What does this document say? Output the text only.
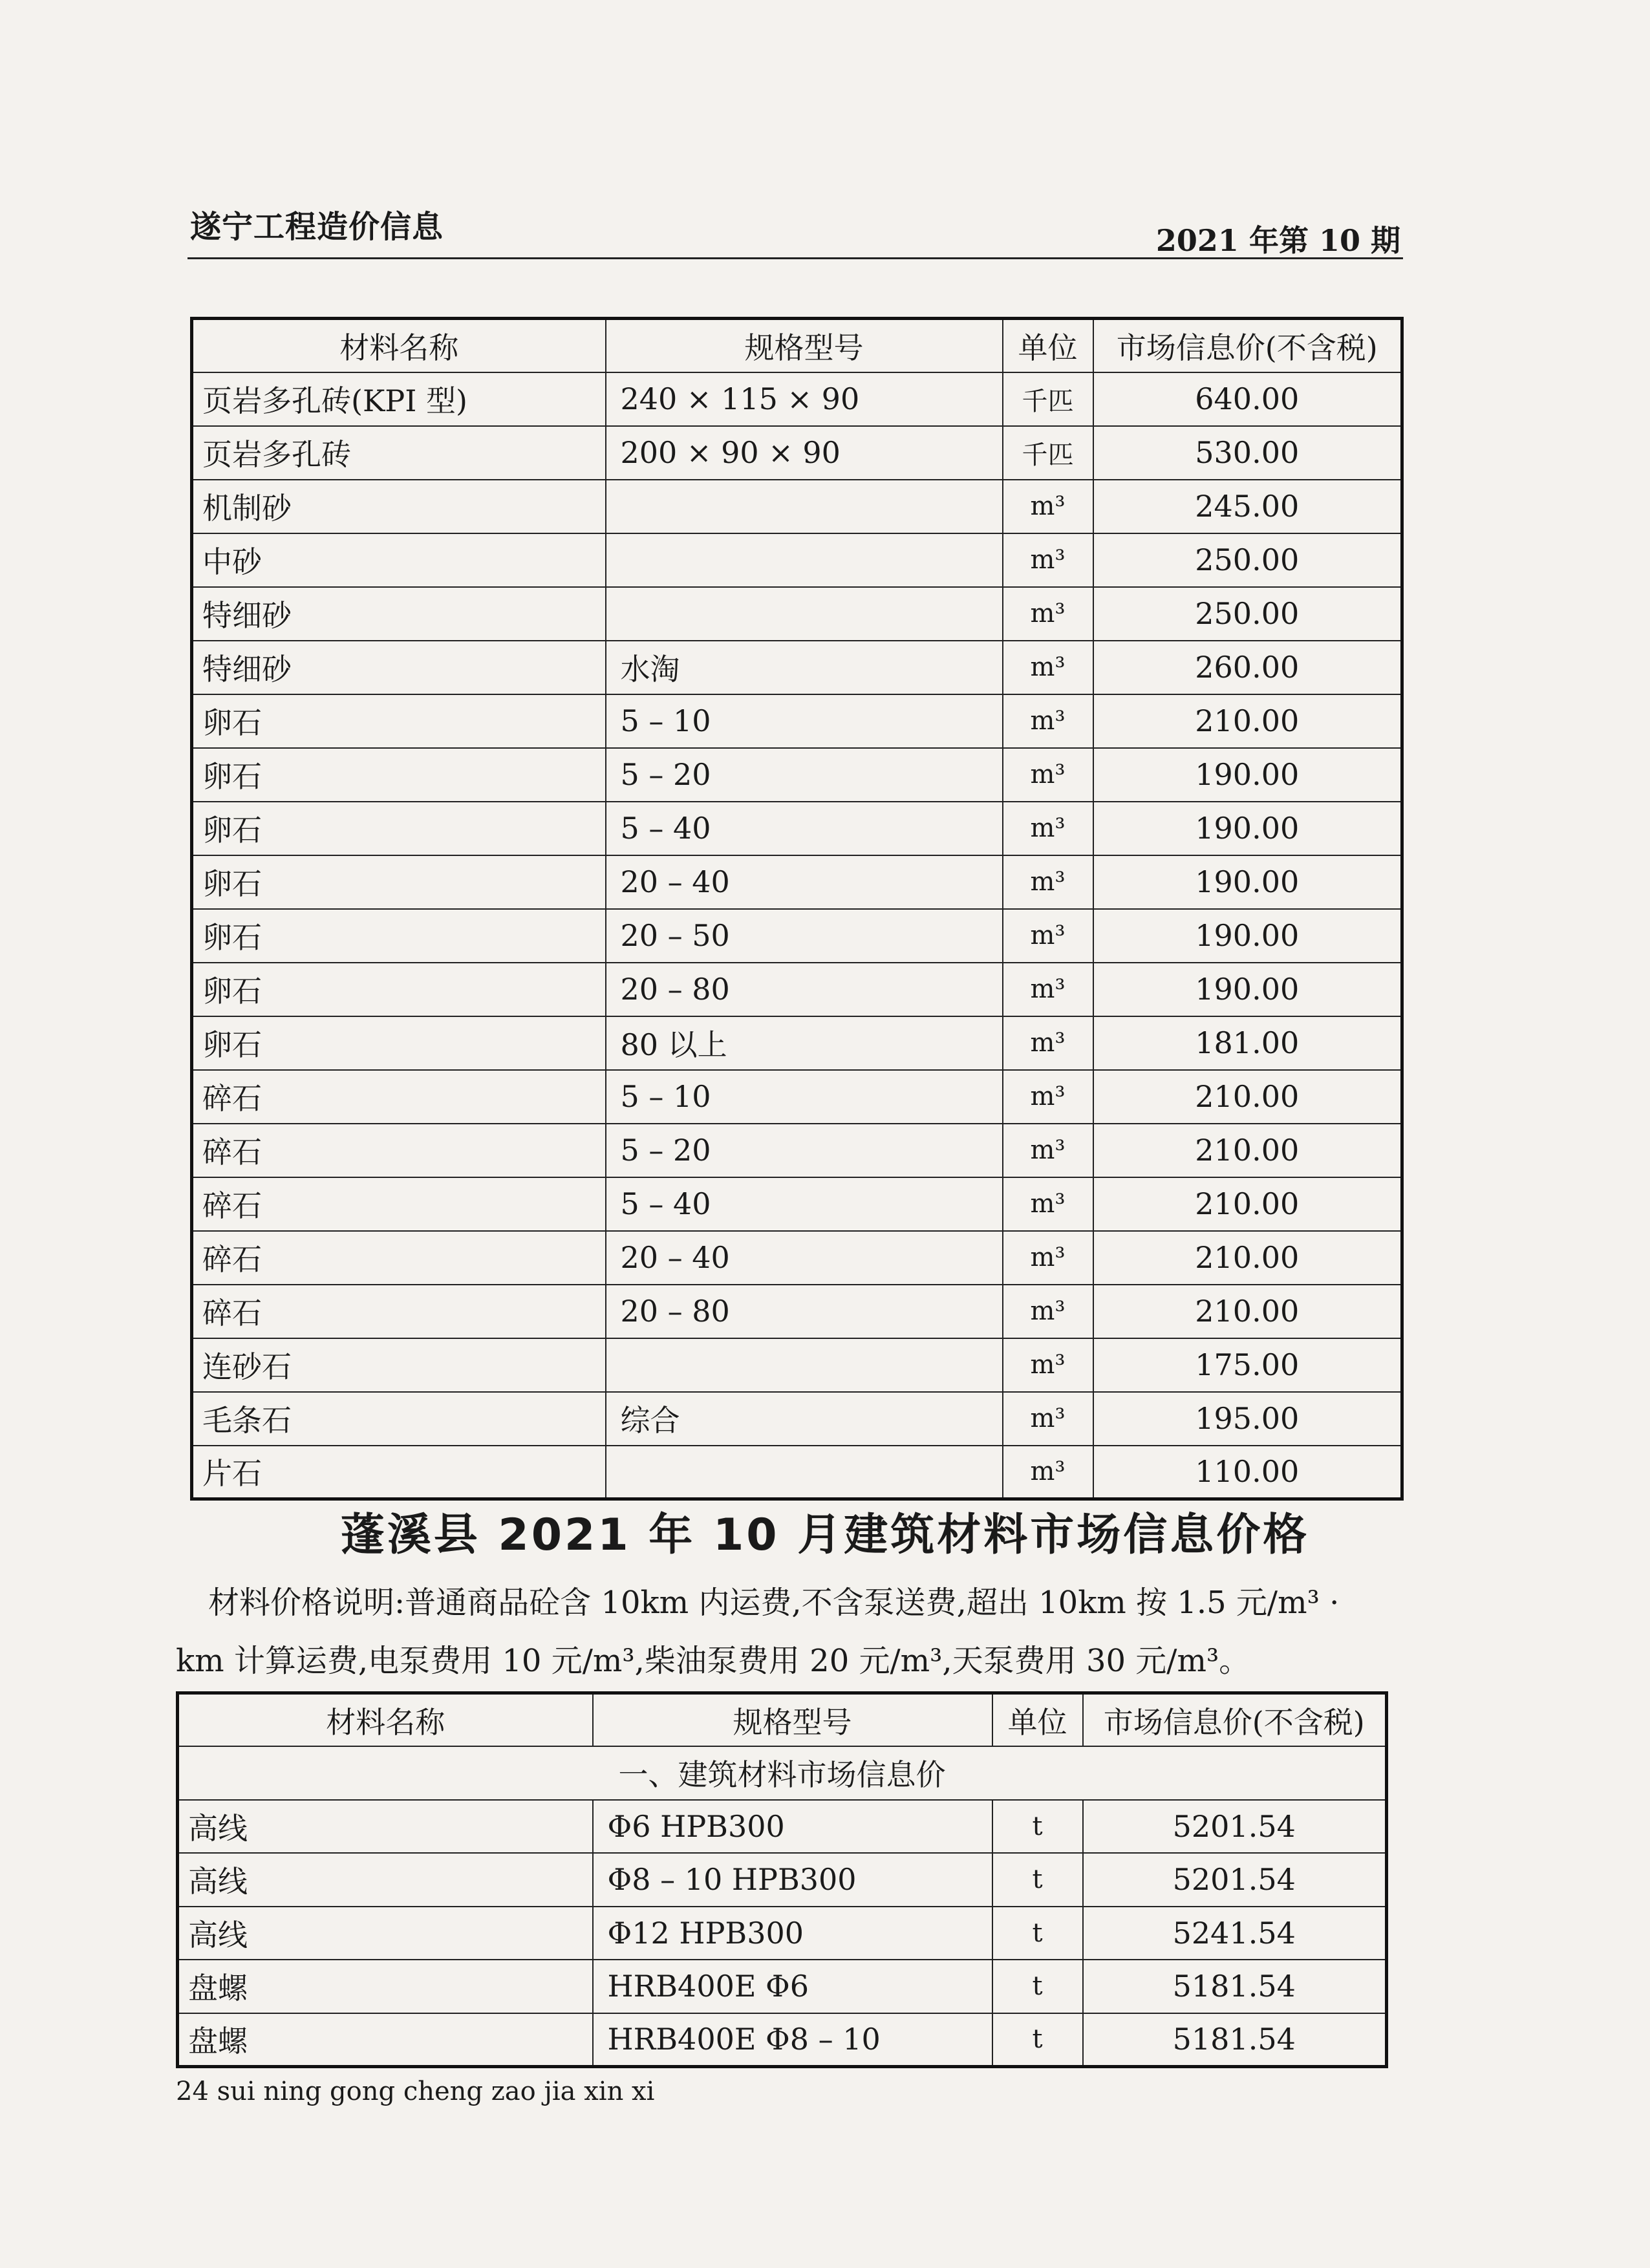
遂宁工程造价信息	2021 年第 10 期
材料名称	规格型号	单位	市场信息价(不含税)
页岩多孔砖(KPI 型)	240 × 115 × 90	千匹	640.00
页岩多孔砖	200 × 90 × 90	千匹	530.00
机制砂		m³	245.00
中砂		m³	250.00
特细砂		m³	250.00
特细砂	水淘	m³	260.00
卵石	5 – 10	m³	210.00
卵石	5 – 20	m³	190.00
卵石	5 – 40	m³	190.00
卵石	20 – 40	m³	190.00
卵石	20 – 50	m³	190.00
卵石	20 – 80	m³	190.00
卵石	80 以上	m³	181.00
碎石	5 – 10	m³	210.00
碎石	5 – 20	m³	210.00
碎石	5 – 40	m³	210.00
碎石	20 – 40	m³	210.00
碎石	20 – 80	m³	210.00
连砂石		m³	175.00
毛条石	综合	m³	195.00
片石		m³	110.00
蓬溪县 2021 年 10 月建筑材料市场信息价格
材料价格说明:普通商品砼含 10km 内运费,不含泵送费,超出 10km 按 1.5 元/m³ · km 计算运费,电泵费用 10 元/m³,柴油泵费用 20 元/m³,天泵费用 30 元/m³。
材料名称	规格型号	单位	市场信息价(不含税)
一、建筑材料市场信息价			
高线	Φ6 HPB300	t	5201.54
高线	Φ8 – 10 HPB300	t	5201.54
高线	Φ12 HPB300	t	5241.54
盘螺	HRB400E Φ6	t	5181.54
盘螺	HRB400E Φ8 – 10	t	5181.54
24 sui ning gong cheng zao jia xin xi
